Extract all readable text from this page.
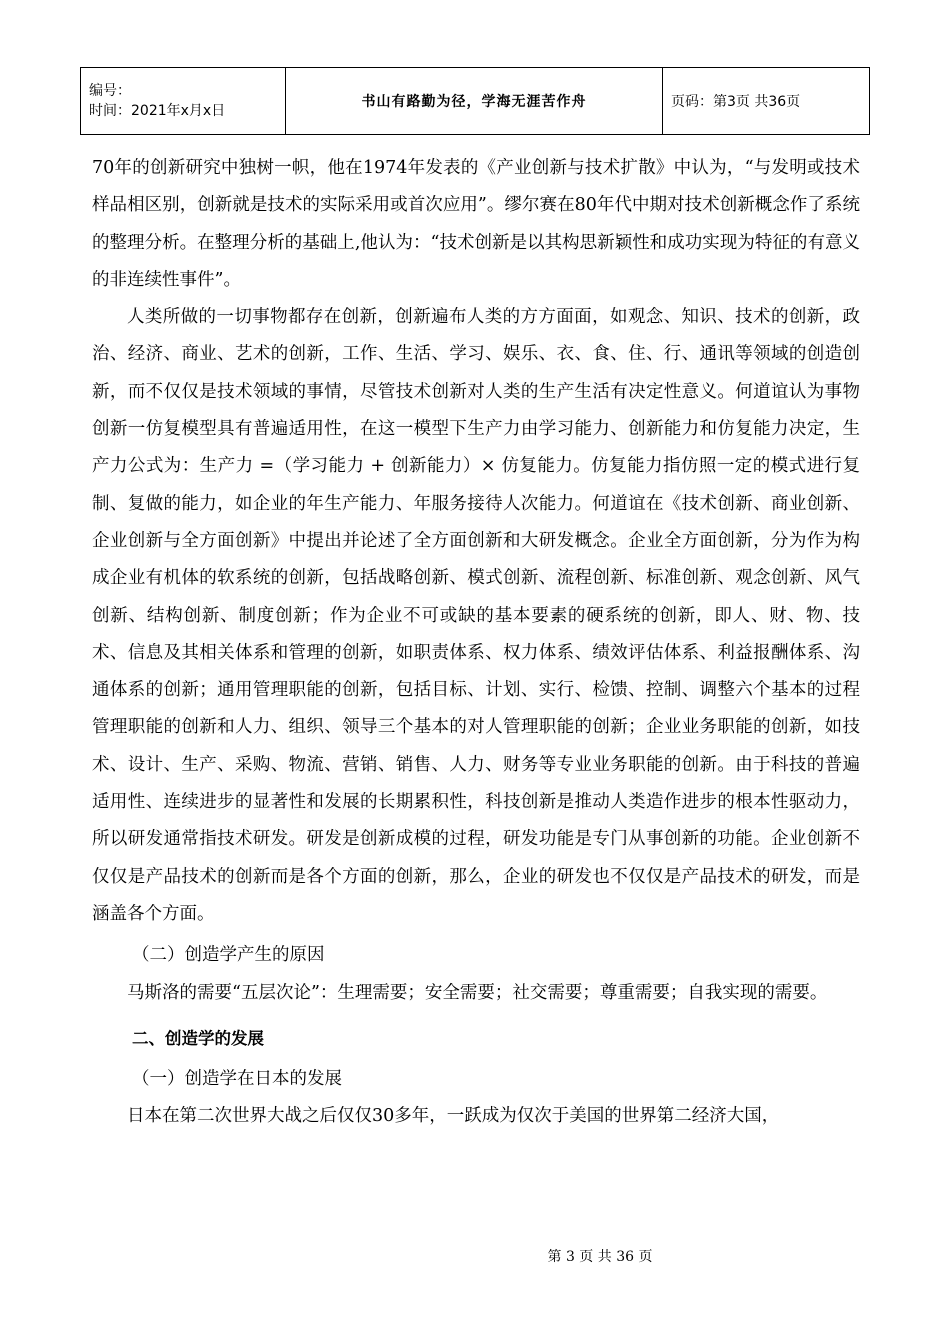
编号：
时间：2021年x月x日
	书山有路勤为径，学海无涯苦作舟	页码：第3页 共36页

70年的创新研究中独树一帜，他在1974年发表的《产业创新与技术扩散》中认为，“与发明或技术样品相区别，创新就是技术的实际采用或首次应用”。缪尔赛在80年代中期对技术创新概念作了系统的整理分析。在整理分析的基础上,他认为：“技术创新是以其构思新颖性和成功实现为特征的有意义的非连续性事件”。

人类所做的一切事物都存在创新，创新遍布人类的方方面面，如观念、知识、技术的创新，政治、经济、商业、艺术的创新，工作、生活、学习、娱乐、衣、食、住、行、通讯等领域的创造创新，而不仅仅是技术领域的事情，尽管技术创新对人类的生产生活有决定性意义。何道谊认为事物创新一仿复模型具有普遍适用性，在这一模型下生产力由学习能力、创新能力和仿复能力决定，生产力公式为：生产力 =（学习能力 + 创新能力）× 仿复能力。仿复能力指仿照一定的模式进行复制、复做的能力，如企业的年生产能力、年服务接待人次能力。何道谊在《技术创新、商业创新、企业创新与全方面创新》中提出并论述了全方面创新和大研发概念。企业全方面创新，分为作为构成企业有机体的软系统的创新，包括战略创新、模式创新、流程创新、标准创新、观念创新、风气创新、结构创新、制度创新；作为企业不可或缺的基本要素的硬系统的创新，即人、财、物、技术、信息及其相关体系和管理的创新，如职责体系、权力体系、绩效评估体系、利益报酬体系、沟通体系的创新；通用管理职能的创新，包括目标、计划、实行、检馈、控制、调整六个基本的过程管理职能的创新和人力、组织、领导三个基本的对人管理职能的创新；企业业务职能的创新，如技术、设计、生产、采购、物流、营销、销售、人力、财务等专业业务职能的创新。由于科技的普遍适用性、连续进步的显著性和发展的长期累积性，科技创新是推动人类造作进步的根本性驱动力，所以研发通常指技术研发。研发是创新成模的过程，研发功能是专门从事创新的功能。企业创新不仅仅是产品技术的创新而是各个方面的创新，那么，企业的研发也不仅仅是产品技术的研发，而是涵盖各个方面。

（二）创造学产生的原因

马斯洛的需要“五层次论”：生理需要；安全需要；社交需要；尊重需要；自我实现的需要。

二、创造学的发展

（一）创造学在日本的发展

日本在第二次世界大战之后仅仅30多年，一跃成为仅次于美国的世界第二经济大国，

第 3 页 共 36 页
